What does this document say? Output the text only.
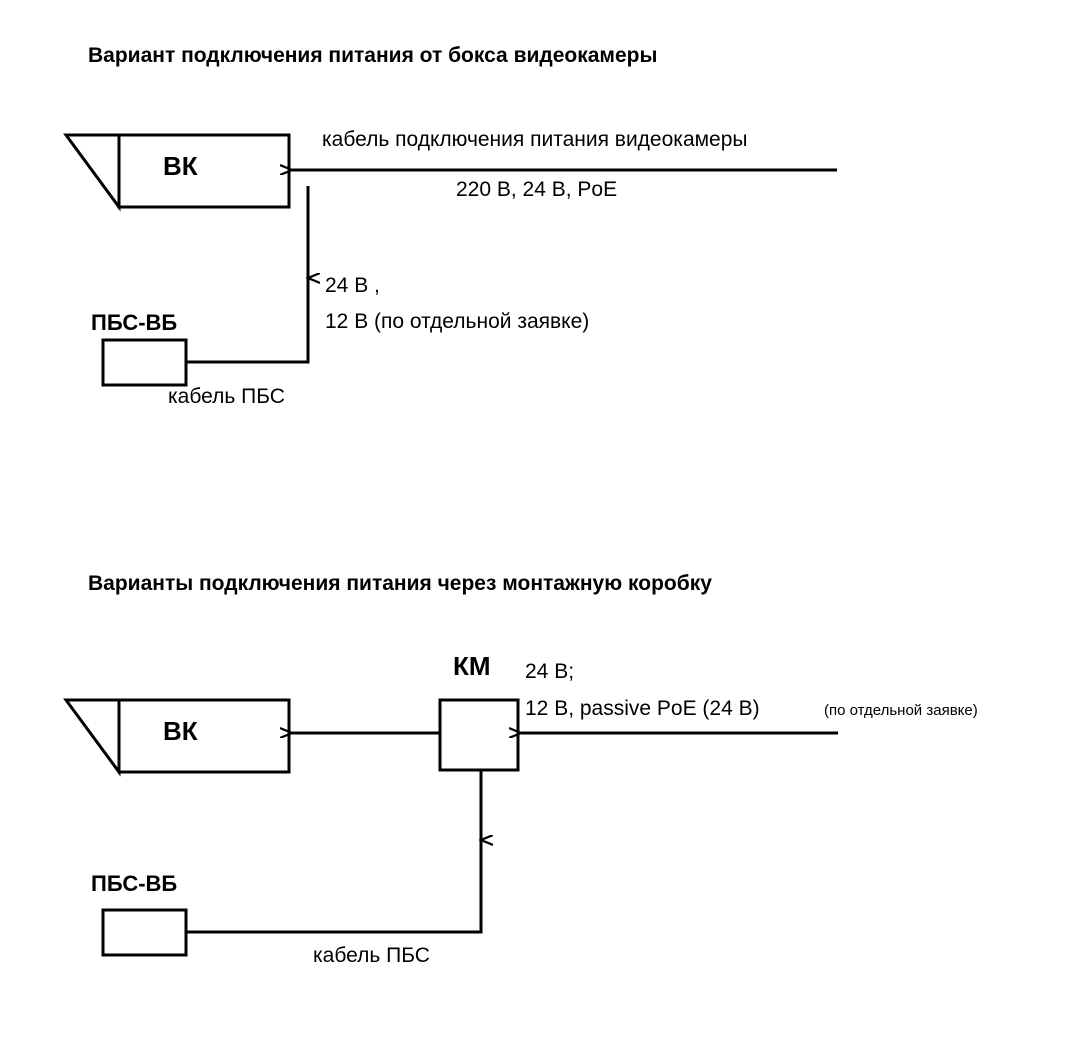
Вариант подключения питания от бокса видеокамеры
ВК
кабель подключения питания видеокамеры
220 В, 24 В, PoE
24 В ,
12 В (по отдельной заявке)
ПБС-ВБ
кабель ПБС
Варианты подключения питания через монтажную коробку
ВК
КМ 24 В;
12 В, passive PoE (24 В)	(по отдельной заявке)
ПБС-ВБ
кабель ПБС
